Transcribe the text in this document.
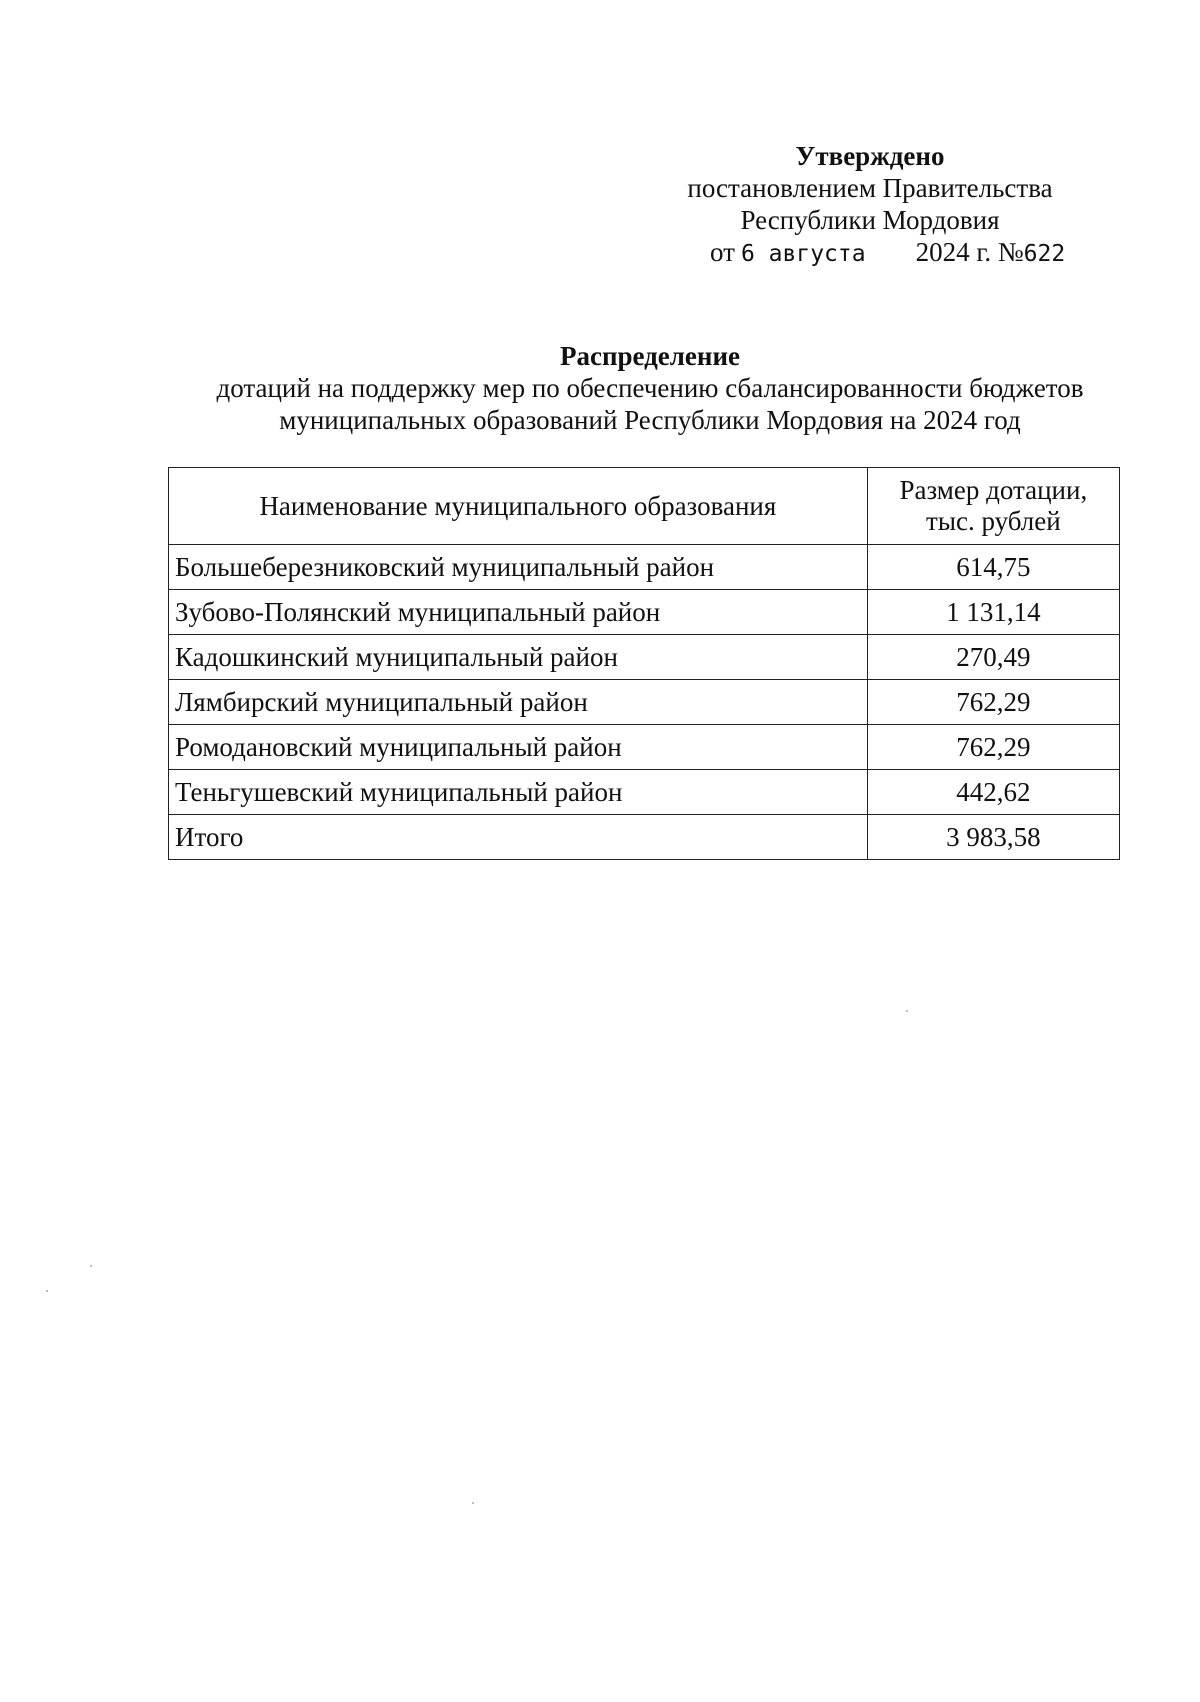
Утверждено
постановлением Правительства
Республики Мордовия
от 6 августа 2024 г. №622
Распределение
дотаций на поддержку мер по обеспечению сбалансированности бюджетов
муниципальных образований Республики Мордовия на 2024 год
Наименование муниципального образования	Размер дотации,
тыс. рублей
Большеберезниковский муниципальный район	614,75
Зубово-Полянский муниципальный район	1 131,14
Кадошкинский муниципальный район	270,49
Лямбирский муниципальный район	762,29
Ромодановский муниципальный район	762,29
Теньгушевский муниципальный район	442,62
Итого	3 983,58
